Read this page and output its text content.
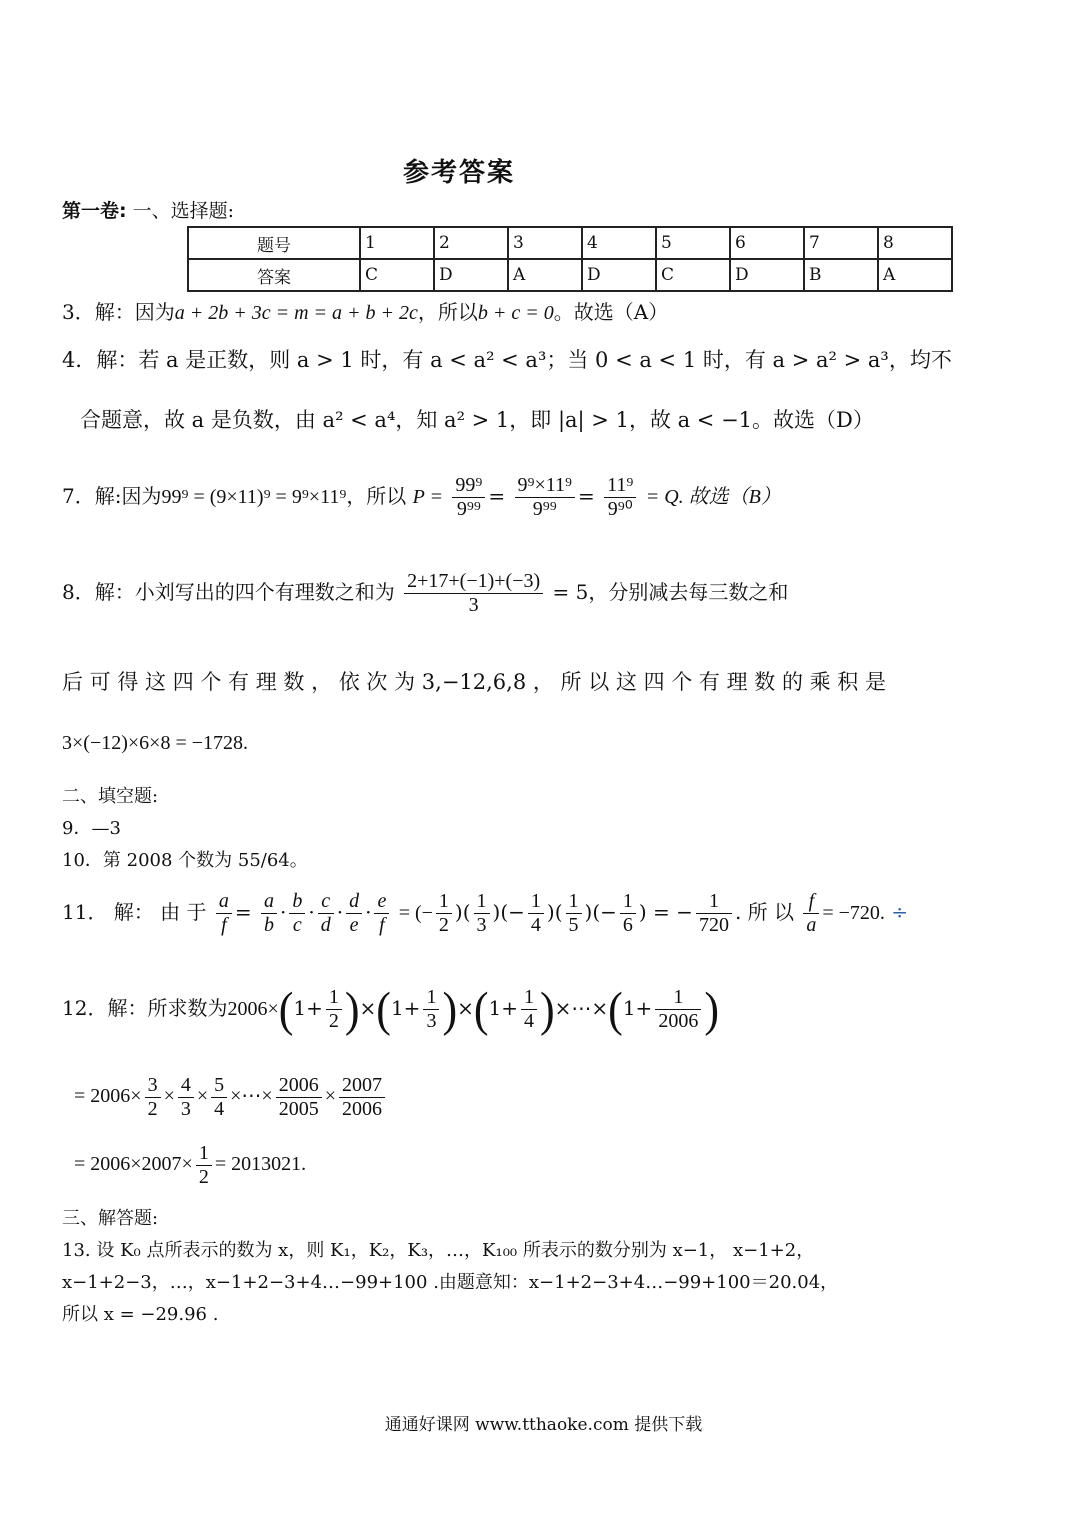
参考答案
第一卷: 一、选择题:
题号	1	2	3	4	5	6	7	8
答案	C	D	A	D	C	D	B	A
3．解：因为a + 2b + 3c = m = a + b + 2c，所以b + c = 0。故选（A）
4．解：若 a 是正数，则 a > 1 时，有 a < a² < a³；当 0 < a < 1 时，有 a > a² > a³，均不
合题意，故 a 是负数，由 a² < a⁴，知 a² > 1，即 |a| > 1，故 a < −1。故选（D）
7．解:因为99⁹ = (9×11)⁹ = 9⁹×11⁹，所以 $P = \frac{\text{99⁹}}{\text{9⁹⁹}} = \frac{\text{9⁹×11⁹}}{\text{9⁹⁹}} = \frac{\text{11⁹}}{\text{9⁹⁰}} = Q$. 故选（B）
8．解：小刘写出的四个有理数之和为 $\frac{2+17+(-1)+(-3)}{3} = 5$，分别减去每三数之和
后 可 得 这 四 个 有 理 数 ， 依 次 为 3,−12,6,8 ， 所 以 这 四 个 有 理 数 的 乘 积 是
3×(−12)×6×8 = −1728.
二、填空题:
9．—3
10．第 2008 个数为 55/64。
11． 解： 由 于 $\frac{a}{f} = \frac{a}{b} \cdot \frac{b}{c} \cdot \frac{c}{d} \cdot \frac{d}{e} \cdot \frac{e}{f}$ = (− $\frac{1}{2}$ )( $\frac{1}{3}$ )(− $\frac{1}{4}$ )( $\frac{1}{5}$ )(− $\frac{1}{6}$ ) = − $\frac{1}{720}$ . 所 以 $\frac{f}{a} = -720$. ÷
12．解：所求数为$2006\times(1+ \frac{1}{2} )\times(1+ \frac{1}{3} )\times(1+ \frac{1}{4}$ )×⋯×(1+ $\frac{1}{2006}$ )
= $2006\times \frac{3}{2} \times \frac{4}{3} \times \frac{5}{4}$ ×⋯× $\frac{2006}{2005} \times \frac{2007}{2006}$
= $2006\times 2007\times \frac{1}{2} = 2013021$.
三、解答题:
13. 设 K₀ 点所表示的数为 x，则 K₁，K₂，K₃，…，K₁₀₀ 所表示的数分别为 x−1， x−1+2，
x−1+2−3，…，x−1+2−3+4…−99+100 .由题意知：x−1+2−3+4…−99+100＝20.04，
所以 x = −29.96 .
通通好课网 www.tthaoke.com 提供下载
